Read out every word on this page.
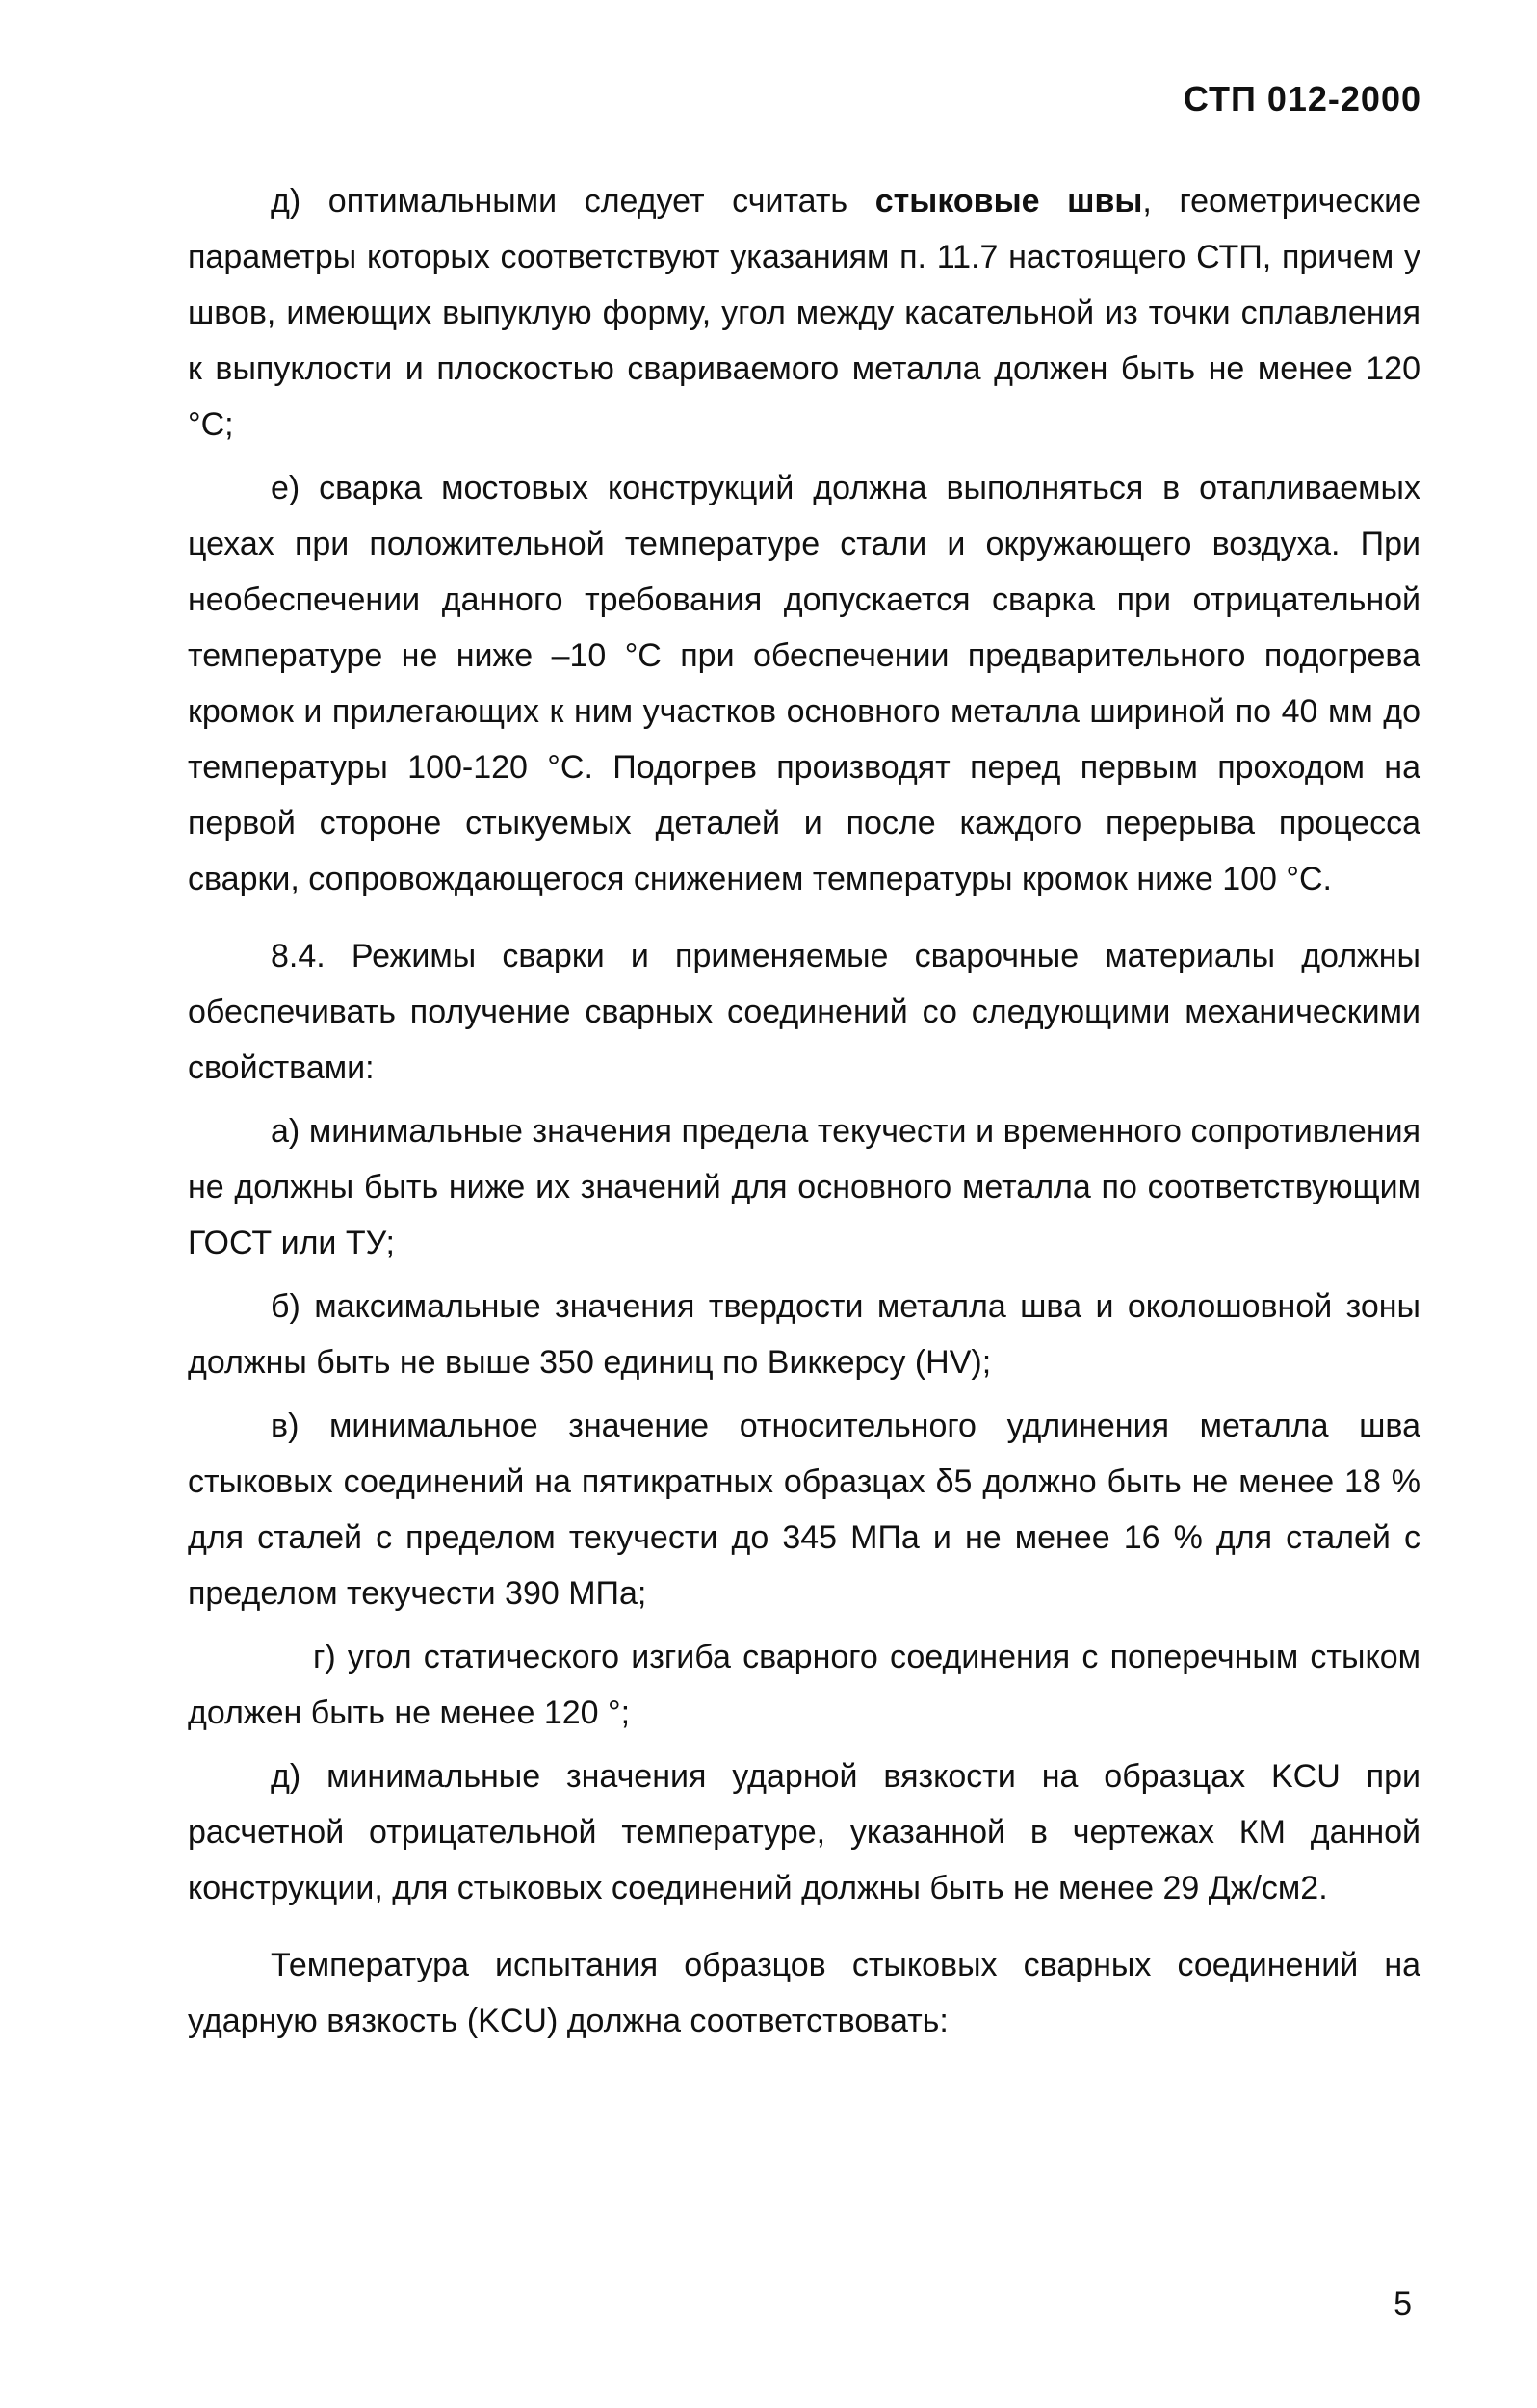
СТП 012-2000

д) оптимальными следует считать стыковые швы, геометрические параметры которых соответствуют указаниям п. 11.7 настоящего СТП, причем у швов, имеющих выпуклую форму, угол между касательной из точки сплавления к выпуклости и плоскостью свариваемого металла должен быть не менее 120 °С;

е) сварка мостовых конструкций должна выполняться в отапливаемых цехах при положительной температуре стали и окружающего воздуха. При необеспечении данного требования допускается сварка при отрицательной температуре не ниже –10 °С при обеспечении предварительного подогрева кромок и прилегающих к ним участков основного металла шириной по 40 мм до температуры 100-120 °С. Подогрев производят перед первым проходом на первой стороне стыкуемых деталей и после каждого перерыва процесса сварки, сопровождающегося снижением температуры кромок ниже 100 °С.

8.4. Режимы сварки и применяемые сварочные материалы должны обеспечивать получение сварных соединений со следующими механическими свойствами:

а) минимальные значения предела текучести и временного сопротивления не должны быть ниже их значений для основного металла по соответствующим ГОСТ или ТУ;

б) максимальные значения твердости металла шва и околошовной зоны должны быть не выше 350 единиц по Виккерсу (HV);

в) минимальное значение относительного удлинения металла шва стыковых соединений на пятикратных образцах δ5 должно быть не менее 18 % для сталей с пределом текучести до 345 МПа и не менее 16 % для сталей с пределом текучести 390 МПа;

г) угол статического изгиба сварного соединения с поперечным стыком должен быть не менее 120 °;

д) минимальные значения ударной вязкости на образцах KCU при расчетной отрицательной температуре, указанной в чертежах КМ данной конструкции, для стыковых соединений должны быть не менее 29 Дж/см2.

Температура испытания образцов стыковых сварных соединений на ударную вязкость (KCU) должна соответствовать:

5
